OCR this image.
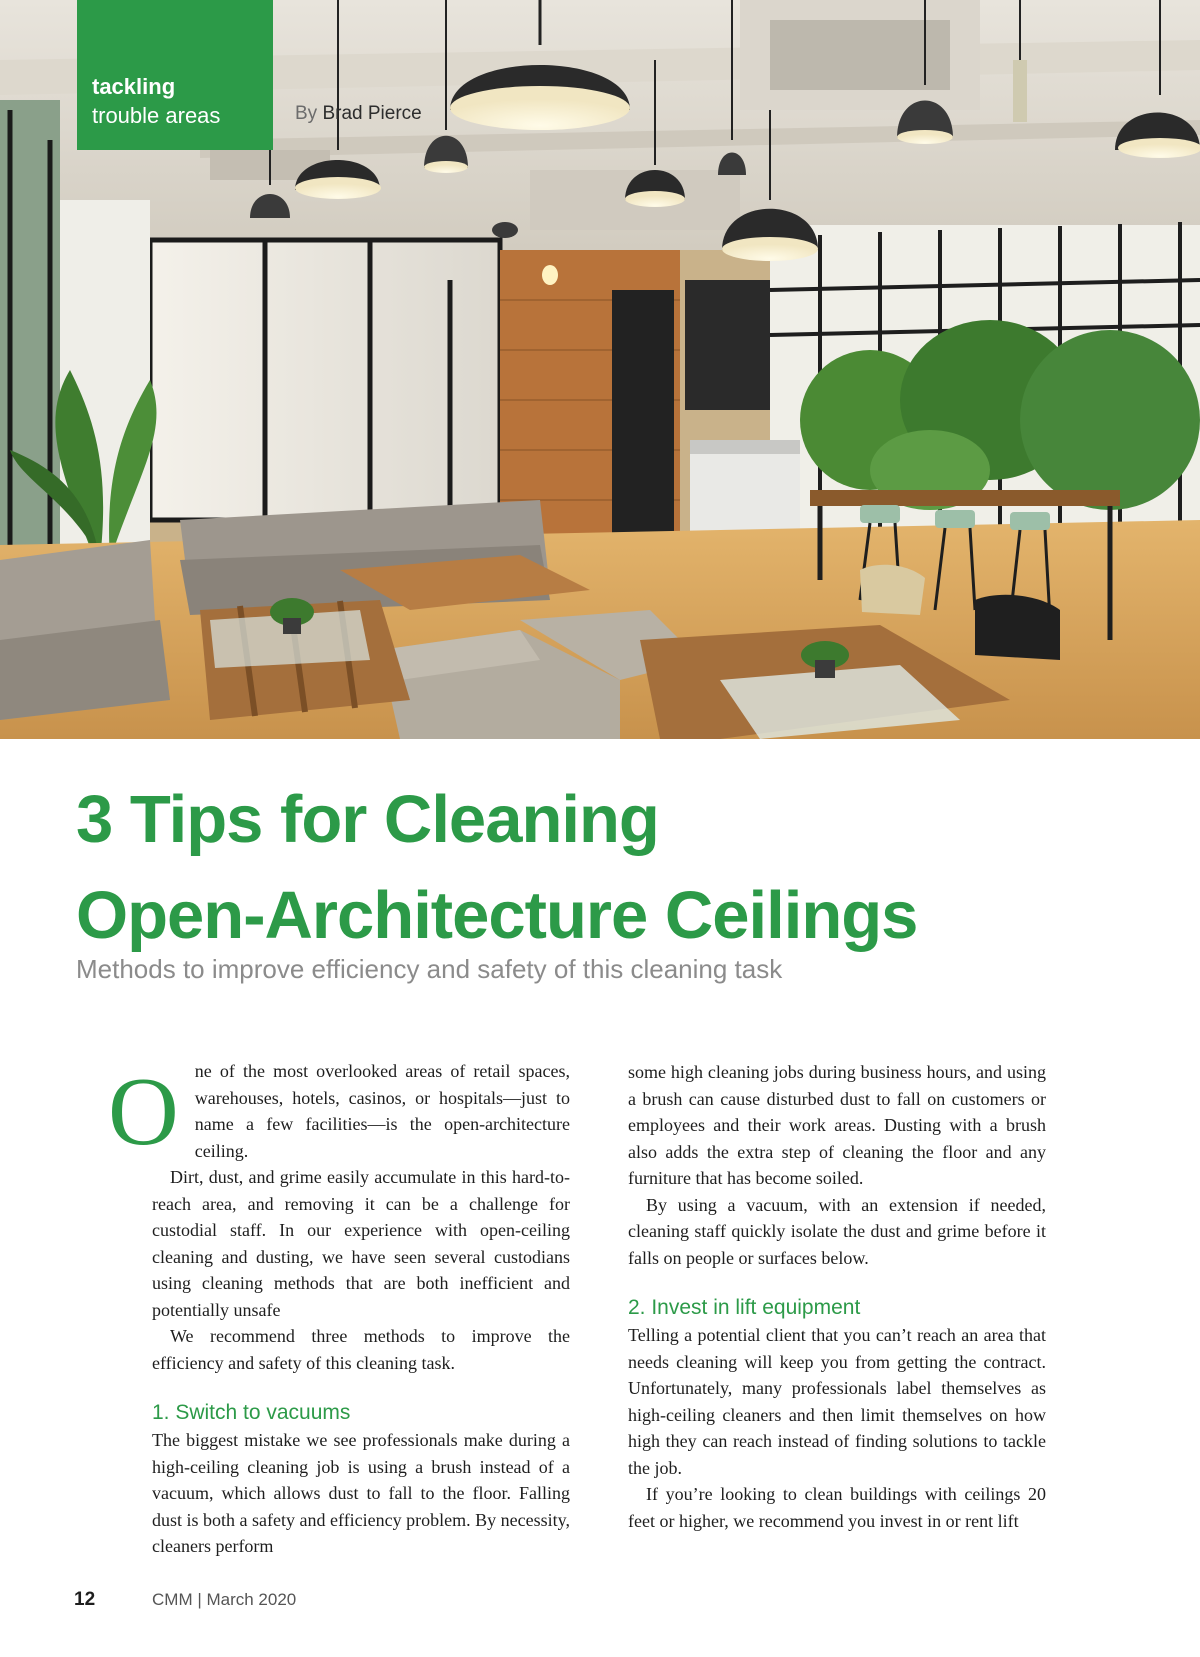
tackling
trouble areas	By Brad Pierce
3 Tips for Cleaning
Open-Architecture Ceilings
Methods to improve efficiency and safety of this cleaning task

One of the most overlooked areas of retail spaces, warehouses, hotels, casinos, or hospitals—just to name a few facilities—is the open-architecture ceiling.

Dirt, dust, and grime easily accumulate in this hard-to-reach area, and removing it can be a challenge for custodial staff. In our experience with open-ceiling cleaning and dusting, we have seen several custodians using cleaning methods that are both inefficient and potentially unsafe

We recommend three methods to improve the efficiency and safety of this cleaning task.

1. Switch to vacuums

The biggest mistake we see professionals make during a high-ceiling cleaning job is using a brush instead of a vacuum, which allows dust to fall to the floor. Falling dust is both a safety and efficiency problem. By necessity, cleaners perform

some high cleaning jobs during business hours, and using a brush can cause disturbed dust to fall on customers or employees and their work areas. Dusting with a brush also adds the extra step of cleaning the floor and any furniture that has become soiled.

By using a vacuum, with an extension if needed, cleaning staff quickly isolate the dust and grime before it falls on people or surfaces below.

2. Invest in lift equipment

Telling a potential client that you can’t reach an area that needs cleaning will keep you from getting the contract. Unfortunately, many professionals label themselves as high-ceiling cleaners and then limit themselves on how high they can reach instead of finding solutions to tackle the job.

If you’re looking to clean buildings with ceilings 20 feet or higher, we recommend you invest in or rent lift

12	CMM | March 2020
